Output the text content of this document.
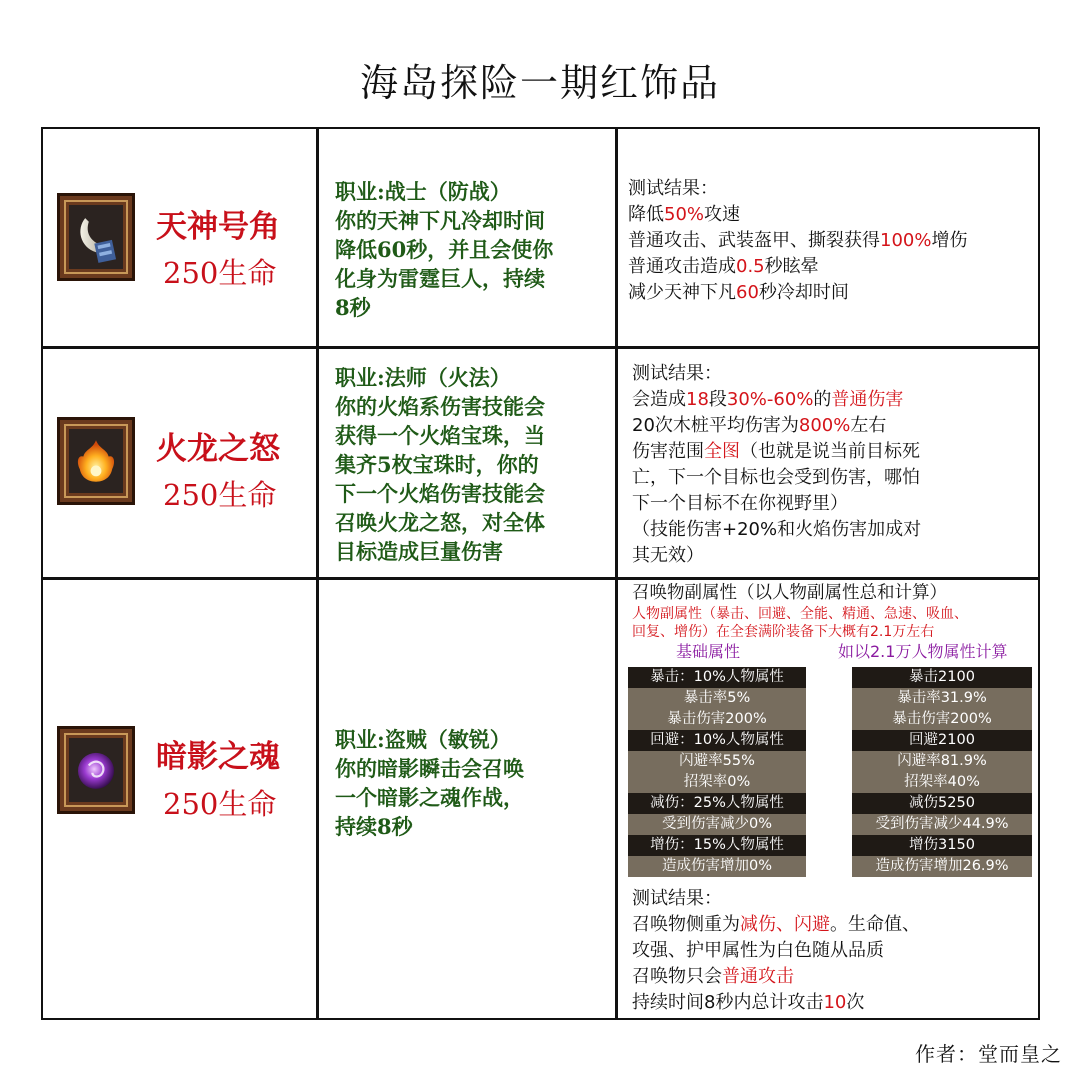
海岛探险一期红饰品
天神号角
250生命
职业:战士（防战）
你的天神下凡冷却时间
降低60秒，并且会使你
化身为雷霆巨人，持续
8秒
测试结果：
降低50%攻速
普通攻击、武装盔甲、撕裂获得100%增伤
普通攻击造成0.5秒眩晕
减少天神下凡60秒冷却时间
火龙之怒
250生命
职业:法师（火法）
你的火焰系伤害技能会
获得一个火焰宝珠，当
集齐5枚宝珠时，你的
下一个火焰伤害技能会
召唤火龙之怒，对全体
目标造成巨量伤害
测试结果：
会造成18段30%-60%的普通伤害
20次木桩平均伤害为800%左右
伤害范围全图（也就是说当前目标死
亡，下一个目标也会受到伤害，哪怕
下一个目标不在你视野里）
（技能伤害+20%和火焰伤害加成对
其无效）
暗影之魂
250生命
职业:盗贼（敏锐）
你的暗影瞬击会召唤
一个暗影之魂作战，
持续8秒
召唤物副属性（以人物副属性总和计算）
人物副属性（暴击、回避、全能、精通、急速、吸血、
回复、增伤）在全套满阶装备下大概有2.1万左右
基础属性	如以2.1万人物属性计算
暴击：10%人物属性
暴击率5%
暴击伤害200%
回避：10%人物属性
闪避率55%
招架率0%
减伤：25%人物属性
受到伤害减少0%
增伤：15%人物属性
造成伤害增加0%
暴击2100
暴击率31.9%
暴击伤害200%
回避2100
闪避率81.9%
招架率40%
减伤5250
受到伤害减少44.9%
增伤3150
造成伤害增加26.9%
测试结果：
召唤物侧重为减伤、闪避。生命值、
攻强、护甲属性为白色随从品质
召唤物只会普通攻击
持续时间8秒内总计攻击10次
作者：堂而皇之
